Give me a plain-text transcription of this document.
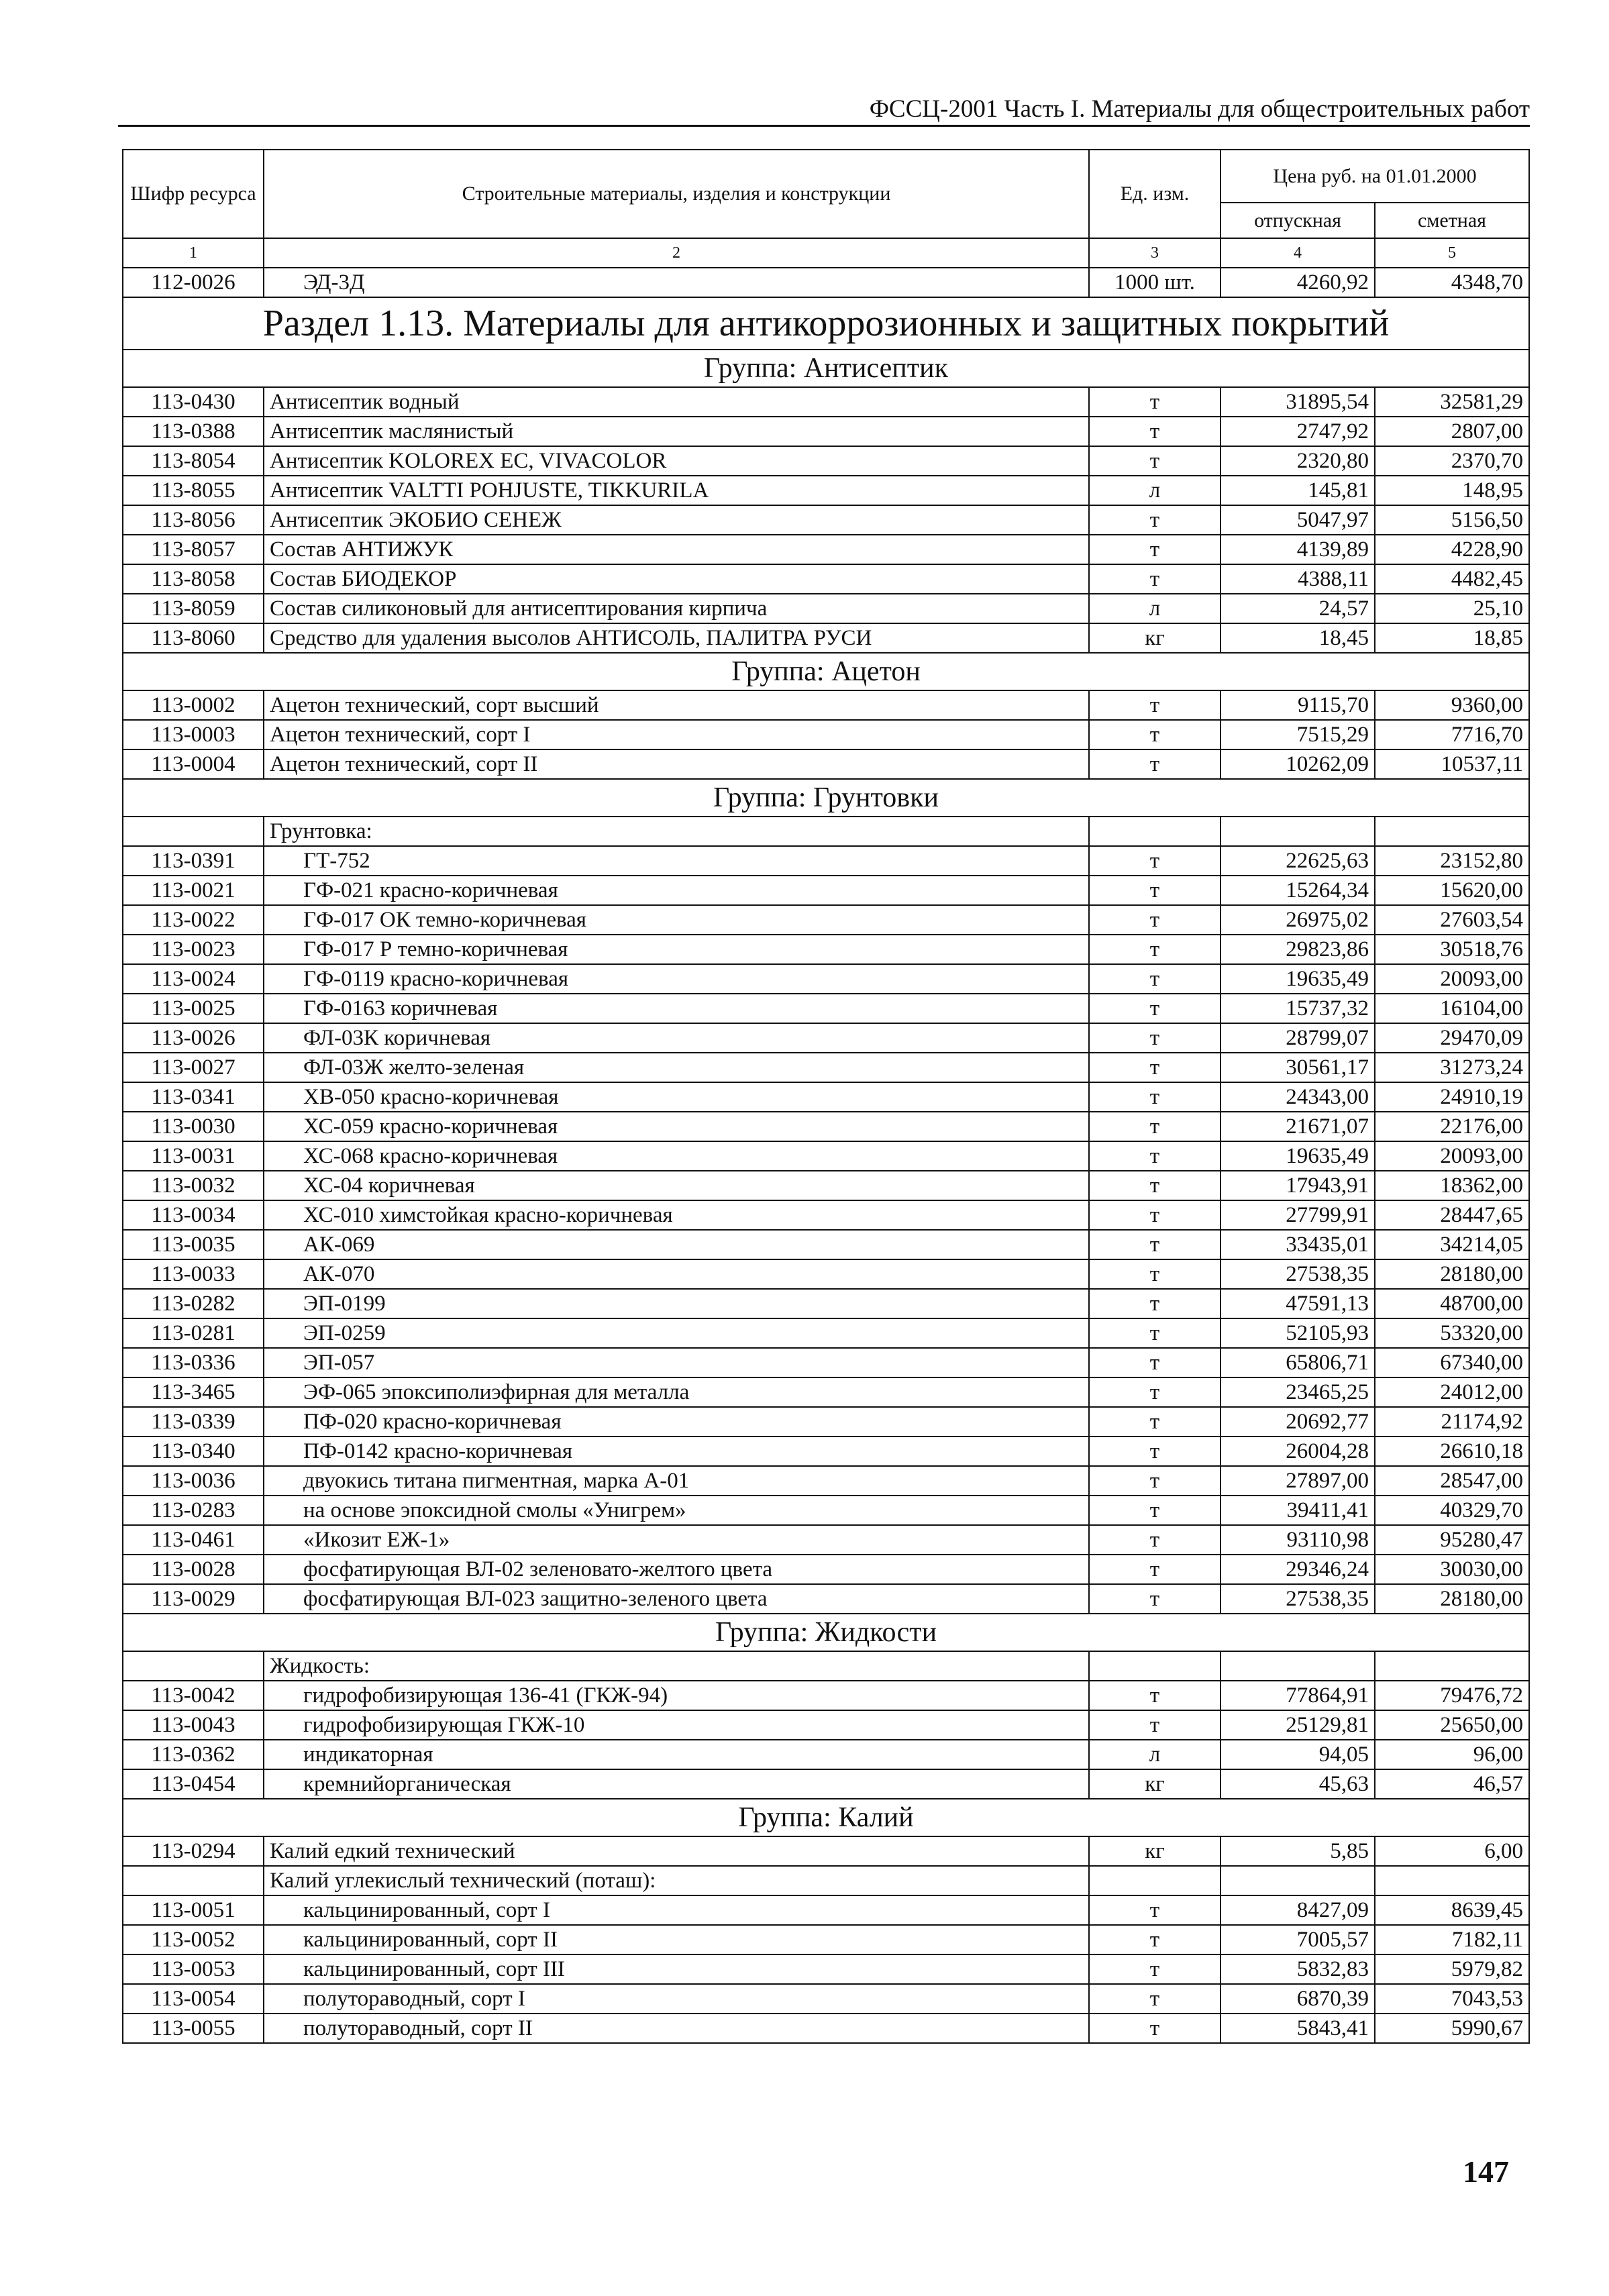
ФССЦ-2001 Часть I. Материалы для общестроительных работ
Шифр ресурса	Строительные материалы, изделия и конструкции	Ед. изм.	Цена руб. на 01.01.2000	
			отпускная	сметная
1	2	3	4	5
112-0026	ЭД-3Д	1000 шт.	4260,92	4348,70
Раздел 1.13. Материалы для антикоррозионных и защитных покрытий				
Группа: Антисептик				
113-0430	Антисептик водный	т	31895,54	32581,29
113-0388	Антисептик маслянистый	т	2747,92	2807,00
113-8054	Антисептик KOLOREX EC, VIVACOLOR	т	2320,80	2370,70
113-8055	Антисептик VALTTI POHJUSTE, TIKKURILA	л	145,81	148,95
113-8056	Антисептик ЭКОБИО СЕНЕЖ	т	5047,97	5156,50
113-8057	Состав АНТИЖУК	т	4139,89	4228,90
113-8058	Состав БИОДЕКОР	т	4388,11	4482,45
113-8059	Состав силиконовый для антисептирования кирпича	л	24,57	25,10
113-8060	Средство для удаления высолов АНТИСОЛЬ, ПАЛИТРА РУСИ	кг	18,45	18,85
Группа: Ацетон				
113-0002	Ацетон технический, сорт высший	т	9115,70	9360,00
113-0003	Ацетон технический, сорт I	т	7515,29	7716,70
113-0004	Ацетон технический, сорт II	т	10262,09	10537,11
Группа: Грунтовки				
	Грунтовка:			
113-0391	ГТ-752	т	22625,63	23152,80
113-0021	ГФ-021 красно-коричневая	т	15264,34	15620,00
113-0022	ГФ-017 ОК темно-коричневая	т	26975,02	27603,54
113-0023	ГФ-017 Р темно-коричневая	т	29823,86	30518,76
113-0024	ГФ-0119 красно-коричневая	т	19635,49	20093,00
113-0025	ГФ-0163 коричневая	т	15737,32	16104,00
113-0026	ФЛ-03К коричневая	т	28799,07	29470,09
113-0027	ФЛ-03Ж желто-зеленая	т	30561,17	31273,24
113-0341	ХВ-050 красно-коричневая	т	24343,00	24910,19
113-0030	ХС-059 красно-коричневая	т	21671,07	22176,00
113-0031	ХС-068 красно-коричневая	т	19635,49	20093,00
113-0032	ХС-04 коричневая	т	17943,91	18362,00
113-0034	ХС-010 химстойкая красно-коричневая	т	27799,91	28447,65
113-0035	АК-069	т	33435,01	34214,05
113-0033	АК-070	т	27538,35	28180,00
113-0282	ЭП-0199	т	47591,13	48700,00
113-0281	ЭП-0259	т	52105,93	53320,00
113-0336	ЭП-057	т	65806,71	67340,00
113-3465	ЭФ-065 эпоксиполиэфирная для металла	т	23465,25	24012,00
113-0339	ПФ-020 красно-коричневая	т	20692,77	21174,92
113-0340	ПФ-0142 красно-коричневая	т	26004,28	26610,18
113-0036	двуокись титана пигментная, марка А-01	т	27897,00	28547,00
113-0283	на основе эпоксидной смолы «Унигрем»	т	39411,41	40329,70
113-0461	«Икозит ЕЖ-1»	т	93110,98	95280,47
113-0028	фосфатирующая ВЛ-02 зеленовато-желтого цвета	т	29346,24	30030,00
113-0029	фосфатирующая ВЛ-023 защитно-зеленого цвета	т	27538,35	28180,00
Группа: Жидкости				
	Жидкость:			
113-0042	гидрофобизирующая 136-41 (ГКЖ-94)	т	77864,91	79476,72
113-0043	гидрофобизирующая ГКЖ-10	т	25129,81	25650,00
113-0362	индикаторная	л	94,05	96,00
113-0454	кремнийорганическая	кг	45,63	46,57
Группа: Калий				
113-0294	Калий едкий технический	кг	5,85	6,00
	Калий углекислый технический (поташ):			
113-0051	кальцинированный, сорт I	т	8427,09	8639,45
113-0052	кальцинированный, сорт II	т	7005,57	7182,11
113-0053	кальцинированный, сорт III	т	5832,83	5979,82
113-0054	полутораводный, сорт I	т	6870,39	7043,53
113-0055	полутораводный, сорт II	т	5843,41	5990,67
147
